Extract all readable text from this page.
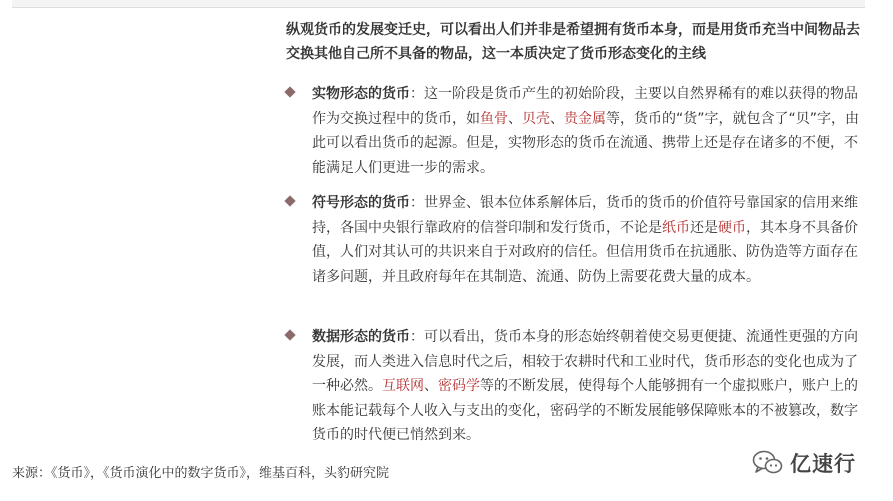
纵观货币的发展变迁史，可以看出人们并非是希望拥有货币本身，而是用货币充当中间物品去交换其他自己所不具备的物品，这一本质决定了货币形态变化的主线
实物形态的货币：这一阶段是货币产生的初始阶段，主要以自然界稀有的难以获得的物品作为交换过程中的货币，如鱼骨、贝壳、贵金属等，货币的“货”字，就包含了“贝”字，由此可以看出货币的起源。但是，实物形态的货币在流通、携带上还是存在诸多的不便，不能满足人们更进一步的需求。
符号形态的货币：世界金、银本位体系解体后，货币的货币的价值符号靠国家的信用来维持，各国中央银行靠政府的信誉印制和发行货币，不论是纸币还是硬币，其本身不具备价值，人们对其认可的共识来自于对政府的信任。但信用货币在抗通胀、防伪造等方面存在诸多问题，并且政府每年在其制造、流通、防伪上需要花费大量的成本。
数据形态的货币：可以看出，货币本身的形态始终朝着使交易更便捷、流通性更强的方向发展，而人类进入信息时代之后，相较于农耕时代和工业时代，货币形态的变化也成为了一种必然。互联网、密码学等的不断发展，使得每个人能够拥有一个虚拟账户，账户上的账本能记载每个人收入与支出的变化，密码学的不断发展能够保障账本的不被篡改，数字货币的时代便已悄然到来。
来源：《货币》，《货币演化中的数字货币》，维基百科，头豹研究院	亿速行
